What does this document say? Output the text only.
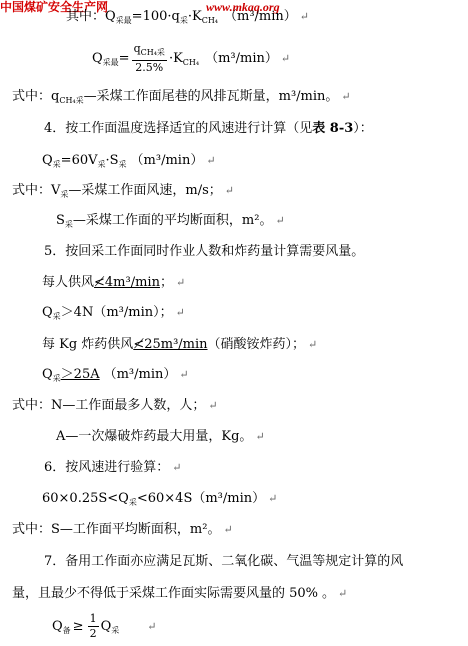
中国煤矿安全生产网	www.mkaq.org
其中：$Q_{采最}=100\cdot q_采\cdot K_{CH_4}$ （m³/min） ↵
$Q_{采最}= \frac{q_{CH_4采}}{2.5\%} \cdot K_{CH_4}$ （m³/min） ↵
式中：$q_{CH_4采}—$采煤工作面尾巷的风排瓦斯量，m³/min。 ↵
4．按工作面温度选择适宜的风速进行计算（见表 8-3）：
$Q_采=60V_采\cdot S_采$ （m³/min） ↵
式中：$V_采—$采煤工作面风速，m/s； ↵
$S_采—$采煤工作面的平均断面积，m²。 ↵
5．按回采工作面同时作业人数和炸药量计算需要风量。
每人供风≮4m³/min； ↵
$Q_采>4N(m^3/\min)$； ↵
每 Kg 炸药供风≮25m³/min（硝酸铵炸药）； ↵
$Q_采>25A$ （m³/min） ↵
式中：N—工作面最多人数，人； ↵
A—一次爆破炸药最大用量，Kg。 ↵
6．按风速进行验算： ↵
$60\times 0.25S<Q_采<60\times 4S(m^3/\min)$ ↵
式中：S—工作面平均断面积，m²。 ↵
7．备用工作面亦应满足瓦斯、二氧化碳、气温等规定计算的风
量，且最少不得低于采煤工作面实际需要风量的 50% 。 ↵
$Q_备 \ge \frac{1}{2} Q_采$	↵
